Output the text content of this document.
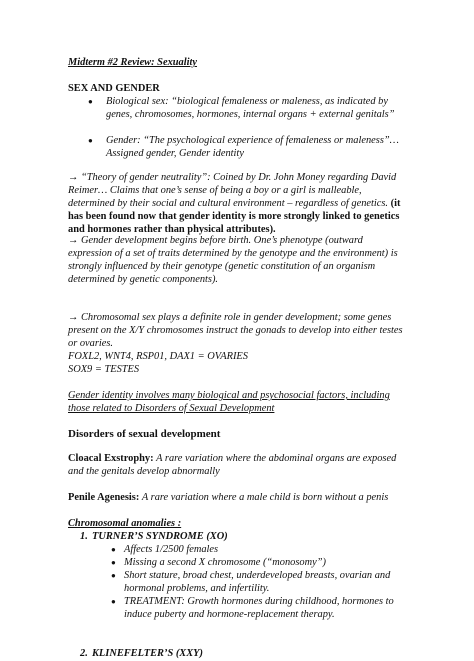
Midterm #2 Review: Sexuality
SEX AND GENDER
● Biological sex: “biological femaleness or maleness, as indicated by genes, chromosomes, hormones, internal organs + external genitals”
● Gender: “The psychological experience of femaleness or maleness”… Assigned gender, Gender identity
→ “Theory of gender neutrality”: Coined by Dr. John Money regarding David Reimer… Claims that one’s sense of being a boy or a girl is malleable, determined by their social and cultural environment – regardless of genetics. (it has been found now that gender identity is more strongly linked to genetics and hormones rather than physical attributes).
→ Gender development begins before birth. One’s phenotype (outward expression of a set of traits determined by the genotype and the environment) is strongly influenced by their genotype (genetic constitution of an organism determined by genetic components).
→ Chromosomal sex plays a definite role in gender development; some genes present on the X/Y chromosomes instruct the gonads to develop into either testes or ovaries.
FOXL2, WNT4, RSP01, DAX1 = OVARIES
SOX9 = TESTES
Gender identity involves many biological and psychosocial factors, including those related to Disorders of Sexual Development
Disorders of sexual development
Cloacal Exstrophy: A rare variation where the abdominal organs are exposed and the genitals develop abnormally
Penile Agenesis: A rare variation where a male child is born without a penis
Chromosomal anomalies :
1. TURNER’S SYNDROME (XO)
● Affects 1/2500 females
● Missing a second X chromosome (“monosomy”)
● Short stature, broad chest, underdeveloped breasts, ovarian and hormonal problems, and infertility.
● TREATMENT: Growth hormones during childhood, hormones to induce puberty and hormone-replacement therapy.
2. KLINEFELTER’S (XXY)
